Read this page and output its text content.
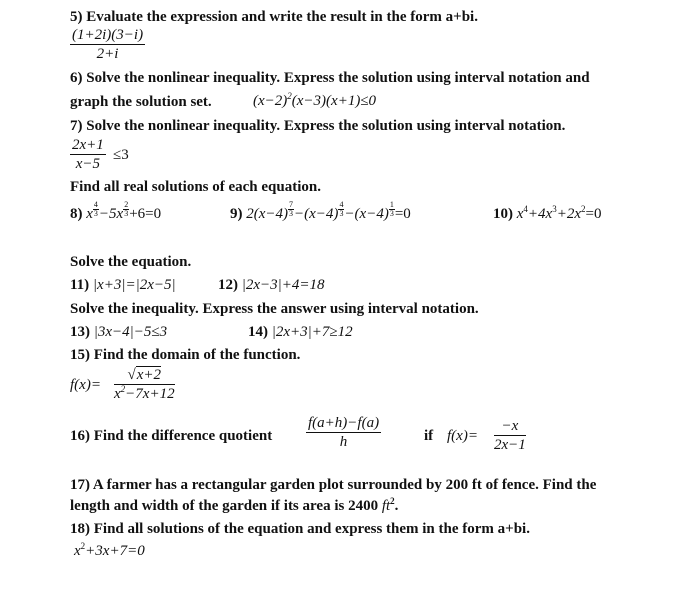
5) Evaluate the expression and write the result in the form a+bi.
$\frac{(1+2i)(3-i)}{2+i}$
6) Solve the nonlinear inequality. Express the solution using interval notation and
graph the solution set.	$(x-2)^2(x-3)(x+1)\le 0$
7) Solve the nonlinear inequality. Express the solution using interval notation.
$\frac{2x+1}{x-5} \le 3$
Find all real solutions of each equation.
8) x $\frac{4}{3} -5x \frac{2}{3} +6=0$	9) $2(x-4) \frac{7}{3} -(x-4) \frac{4}{3} -(x-4) \frac{1}{3} =0$	10) $x^4+4x^3+2x^2=0$
Solve the equation.
11) |x+3|=|2x−5|	12) |2x−3|+4=18
Solve the inequality. Express the answer using interval notation.
13) |3x−4|−5≤3	14) |2x+3|+7≥12
15) Find the domain of the function.
$f(x)= \frac{√x+2}{x^2-7x+12}$
16) Find the difference quotient $\frac{f(a+h)-f(a)}{h}$	if $f(x)= \frac{-x}{2x-1}$
17) A farmer has a rectangular garden plot surrounded by 200 ft of fence. Find the
length and width of the garden if its area is 2400 $ft^2$.
18) Find all solutions of the equation and express them in the form a+bi.
$x^2+3x+7=0$
